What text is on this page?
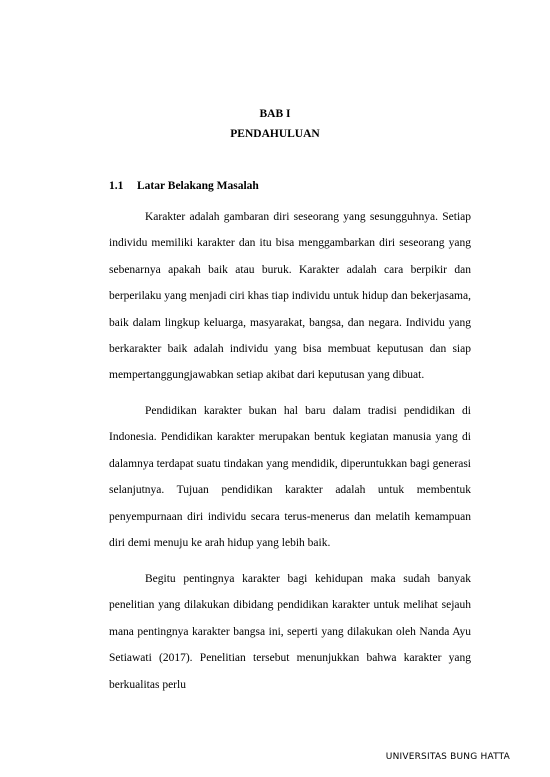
BAB I
PENDAHULUAN
1.1 Latar Belakang Masalah

Karakter adalah gambaran diri seseorang yang sesungguhnya. Setiap individu memiliki karakter dan itu bisa menggambarkan diri seseorang yang sebenarnya apakah baik atau buruk. Karakter adalah cara berpikir dan berperilaku yang menjadi ciri khas tiap individu untuk hidup dan bekerjasama, baik dalam lingkup keluarga, masyarakat, bangsa, dan negara. Individu yang berkarakter baik adalah individu yang bisa membuat keputusan dan siap mempertanggungjawabkan setiap akibat dari keputusan yang dibuat.

Pendidikan karakter bukan hal baru dalam tradisi pendidikan di Indonesia. Pendidikan karakter merupakan bentuk kegiatan manusia yang di dalamnya terdapat suatu tindakan yang mendidik, diperuntukkan bagi generasi selanjutnya. Tujuan pendidikan karakter adalah untuk membentuk penyempurnaan diri individu secara terus-menerus dan melatih kemampuan diri demi menuju ke arah hidup yang lebih baik.

Begitu pentingnya karakter bagi kehidupan maka sudah banyak penelitian yang dilakukan dibidang pendidikan karakter untuk melihat sejauh mana pentingnya karakter bangsa ini, seperti yang dilakukan oleh Nanda Ayu Setiawati (2017). Penelitian tersebut menunjukkan bahwa karakter yang berkualitas perlu

UNIVERSITAS BUNG HATTA
